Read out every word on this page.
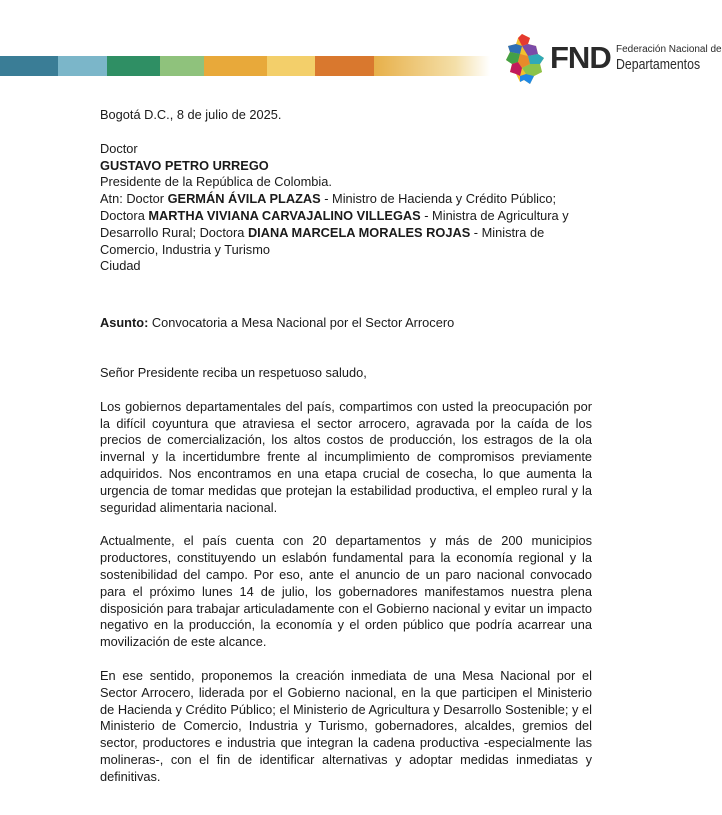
FND Federación Nacional de
Departamentos

Bogotá D.C., 8 de julio de 2025.

Doctor

GUSTAVO PETRO URREGO

Presidente de la República de Colombia.

Atn: Doctor GERMÁN ÁVILA PLAZAS - Ministro de Hacienda y Crédito Público; Doctora MARTHA VIVIANA CARVAJALINO VILLEGAS - Ministra de Agricultura y Desarrollo Rural; Doctora DIANA MARCELA MORALES ROJAS - Ministra de Comercio, Industria y Turismo

Ciudad

Asunto: Convocatoria a Mesa Nacional por el Sector Arrocero

Señor Presidente reciba un respetuoso saludo,

Los gobiernos departamentales del país, compartimos con usted la preocupación por la difícil coyuntura que atraviesa el sector arrocero, agravada por la caída de los precios de comercialización, los altos costos de producción, los estragos de la ola invernal y la incertidumbre frente al incumplimiento de compromisos previamente adquiridos. Nos encontramos en una etapa crucial de cosecha, lo que aumenta la urgencia de tomar medidas que protejan la estabilidad productiva, el empleo rural y la seguridad alimentaria nacional.

Actualmente, el país cuenta con 20 departamentos y más de 200 municipios productores, constituyendo un eslabón fundamental para la economía regional y la sostenibilidad del campo. Por eso, ante el anuncio de un paro nacional convocado para el próximo lunes 14 de julio, los gobernadores manifestamos nuestra plena disposición para trabajar articuladamente con el Gobierno nacional y evitar un impacto negativo en la producción, la economía y el orden público que podría acarrear una movilización de este alcance.

En ese sentido, proponemos la creación inmediata de una Mesa Nacional por el Sector Arrocero, liderada por el Gobierno nacional, en la que participen el Ministerio de Hacienda y Crédito Público; el Ministerio de Agricultura y Desarrollo Sostenible; y el Ministerio de Comercio, Industria y Turismo, gobernadores, alcaldes, gremios del sector, productores e industria que integran la cadena productiva -especialmente las molineras-, con el fin de identificar alternativas y adoptar medidas inmediatas y definitivas.
